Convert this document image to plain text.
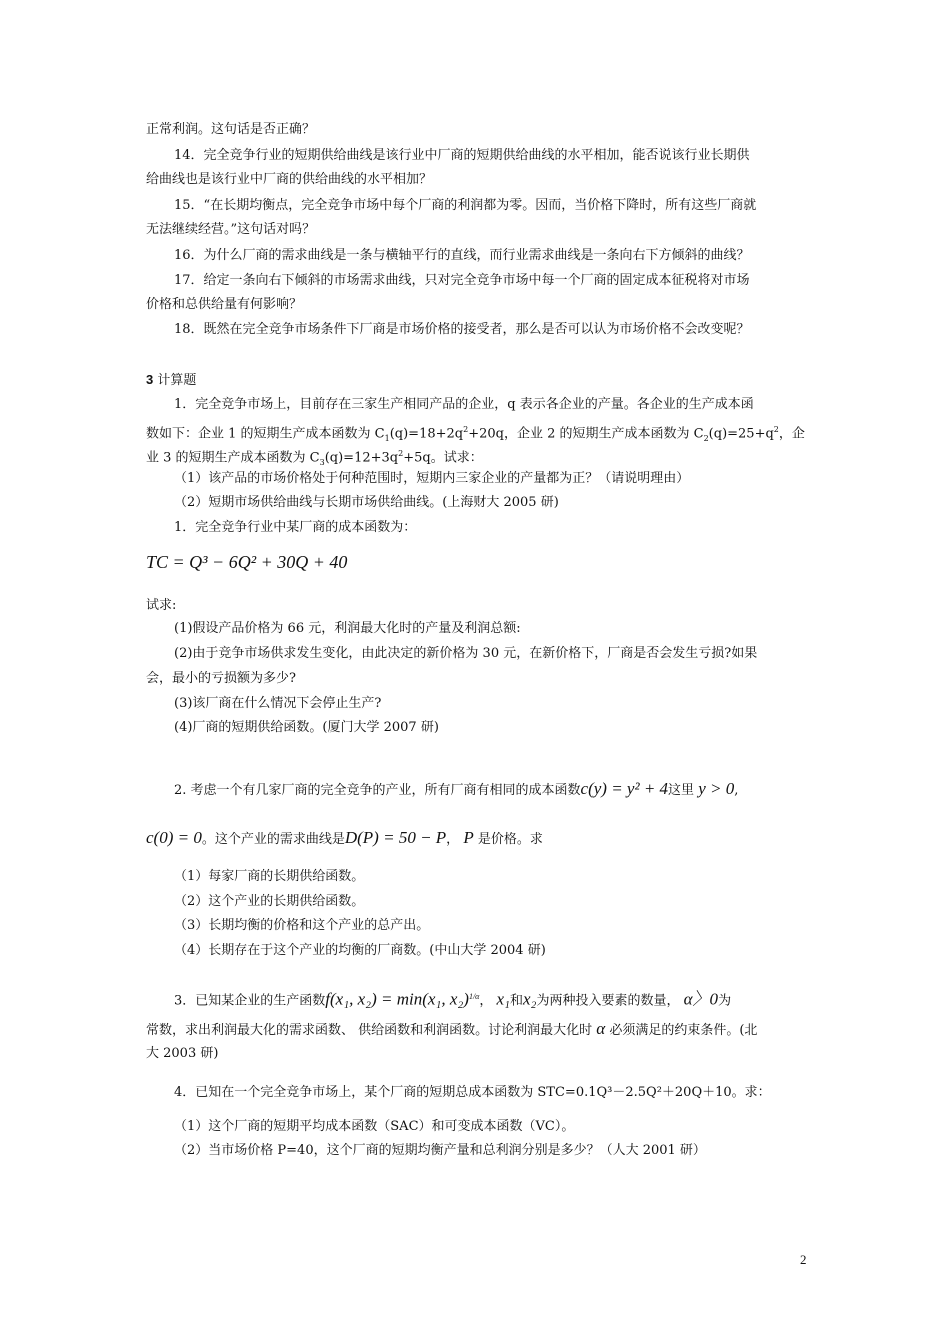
正常利润。这句话是否正确？
14．完全竞争行业的短期供给曲线是该行业中厂商的短期供给曲线的水平相加，能否说该行业长期供
给曲线也是该行业中厂商的供给曲线的水平相加？
15．“在长期均衡点，完全竞争市场中每个厂商的利润都为零。因而，当价格下降时，所有这些厂商就
无法继续经营。”这句话对吗？
16．为什么厂商的需求曲线是一条与横轴平行的直线，而行业需求曲线是一条向右下方倾斜的曲线？
17．给定一条向右下倾斜的市场需求曲线，只对完全竞争市场中每一个厂商的固定成本征税将对市场
价格和总供给量有何影响？
18．既然在完全竞争市场条件下厂商是市场价格的接受者，那么是否可以认为市场价格不会改变呢？
3 计算题
1．完全竞争市场上，目前存在三家生产相同产品的企业，q 表示各企业的产量。各企业的生产成本函
数如下：企业 1 的短期生产成本函数为 $C_1(q)=18+2q^2+20q$，企业 2 的短期生产成本函数为 $C_2(q)=25+q^2$，企
业 3 的短期生产成本函数为 $C_3(q)=12+3q^2+5q$。试求：
（1）该产品的市场价格处于何种范围时，短期内三家企业的产量都为正？（请说明理由）
（2）短期市场供给曲线与长期市场供给曲线。(上海财大 2005 研)
1．完全竞争行业中某厂商的成本函数为：
TC = Q³ − 6Q² + 30Q + 40
试求:
(1)假设产品价格为 66 元，利润最大化时的产量及利润总额:
(2)由于竞争市场供求发生变化，由此决定的新价格为 30 元，在新价格下，厂商是否会发生亏损?如果
会，最小的亏损额为多少?
(3)该厂商在什么情况下会停止生产?
(4)厂商的短期供给函数。(厦门大学 2007 研)
2. 考虑一个有几家厂商的完全竞争的产业，所有厂商有相同的成本函数c(y) = y² + 4这里 y > 0,
c(0) = 0。这个产业的需求曲线是D(P) = 50 − P， P 是价格。求
（1）每家厂商的长期供给函数。
（2）这个产业的长期供给函数。
（3）长期均衡的价格和这个产业的总产出。
（4）长期存在于这个产业的均衡的厂商数。(中山大学 2004 研)
3．已知某企业的生产函数f(x₁, x₂) = min(x₁, x₂)$^{1/\alpha}$， x₁和x₂为两种投入要素的数量， α〉0为
常数，求出利润最大化的需求函数、 供给函数和利润函数。讨论利润最大化时 α 必须满足的约束条件。(北
大 2003 研)
4．已知在一个完全竞争市场上，某个厂商的短期总成本函数为 STC=0.1Q³－2.5Q²＋20Q＋10。求：
（1）这个厂商的短期平均成本函数（SAC）和可变成本函数（VC）。
（2）当市场价格 P=40，这个厂商的短期均衡产量和总利润分别是多少？（人大 2001 研）
2
